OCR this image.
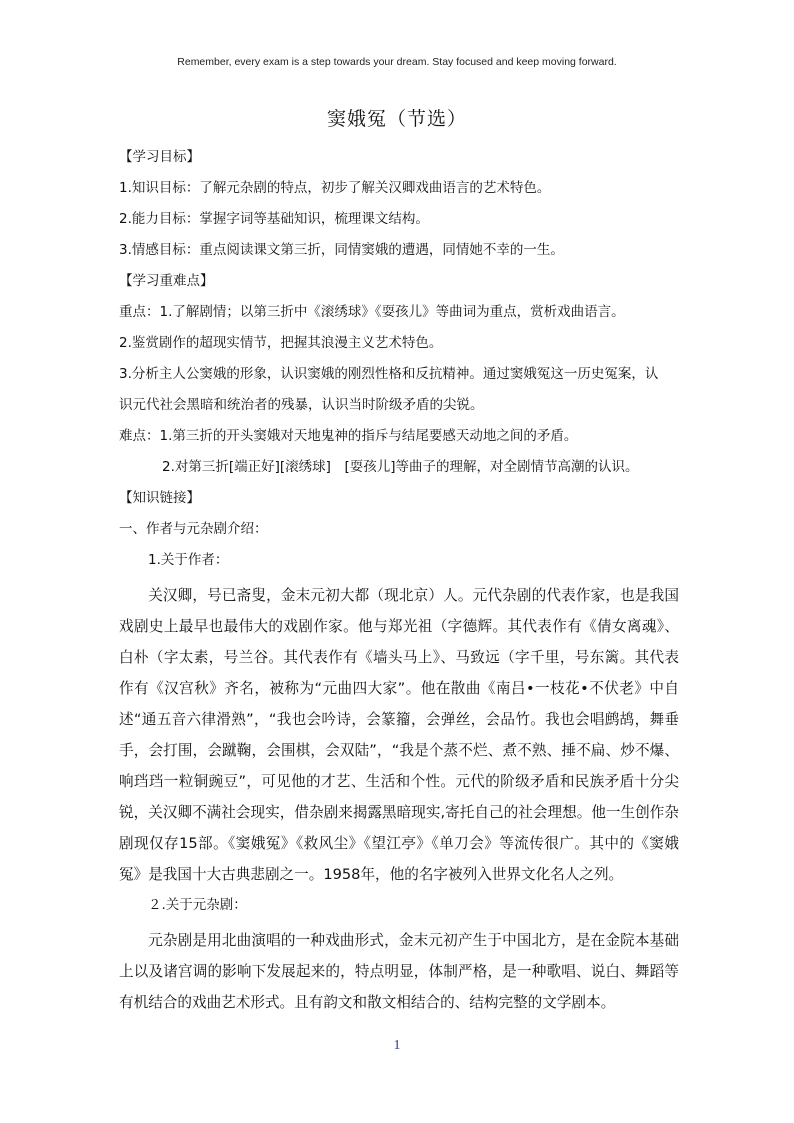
Remember, every exam is a step towards your dream. Stay focused and keep moving forward.
窦娥冤（节选）
【学习目标】
1.知识目标：了解元杂剧的特点，初步了解关汉卿戏曲语言的艺术特色。
2.能力目标：掌握字词等基础知识，梳理课文结构。
3.情感目标：重点阅读课文第三折，同情窦娥的遭遇，同情她不幸的一生。
【学习重难点】
重点：1.了解剧情；以第三折中《滚绣球》《耍孩儿》等曲词为重点，赏析戏曲语言。
2.鉴赏剧作的超现实情节，把握其浪漫主义艺术特色。
3.分析主人公窦娥的形象，认识窦娥的刚烈性格和反抗精神。通过窦娥冤这一历史冤案，认
识元代社会黑暗和统治者的残暴，认识当时阶级矛盾的尖锐。
难点：1.第三折的开头窦娥对天地鬼神的指斥与结尾要感天动地之间的矛盾。
2.对第三折[端正好][滚绣球]　[耍孩儿]等曲子的理解，对全剧情节高潮的认识。
【知识链接】
一、作者与元杂剧介绍：
1.关于作者：
关汉卿，号已斋叟，金末元初大都（现北京）人。元代杂剧的代表作家，也是我国戏剧史上最早也最伟大的戏剧作家。他与郑光祖（字德辉。其代表作有《倩女离魂》、白朴（字太素，号兰谷。其代表作有《墙头马上》、马致远（字千里，号东篱。其代表作有《汉宫秋》齐名，被称为“元曲四大家”。他在散曲《南吕•一枝花•不伏老》中自述“通五音六律滑熟”，“我也会吟诗，会篆籀，会弹丝，会品竹。我也会唱鹧鸪，舞垂手，会打围，会蹴鞠，会围棋，会双陆”，“我是个蒸不烂、煮不熟、捶不扁、炒不爆、响珰珰一粒铜豌豆”，可见他的才艺、生活和个性。元代的阶级矛盾和民族矛盾十分尖锐，关汉卿不满社会现实，借杂剧来揭露黑暗现实,寄托自己的社会理想。他一生创作杂剧现仅存15部。《窦娥冤》《救风尘》《望江亭》《单刀会》等流传很广。其中的《窦娥冤》是我国十大古典悲剧之一。1958年，他的名字被列入世界文化名人之列。
２.关于元杂剧：
元杂剧是用北曲演唱的一种戏曲形式，金末元初产生于中国北方，是在金院本基础上以及诸宫调的影响下发展起来的，特点明显，体制严格，是一种歌唱、说白、舞蹈等有机结合的戏曲艺术形式。且有韵文和散文相结合的、结构完整的文学剧本。
1
